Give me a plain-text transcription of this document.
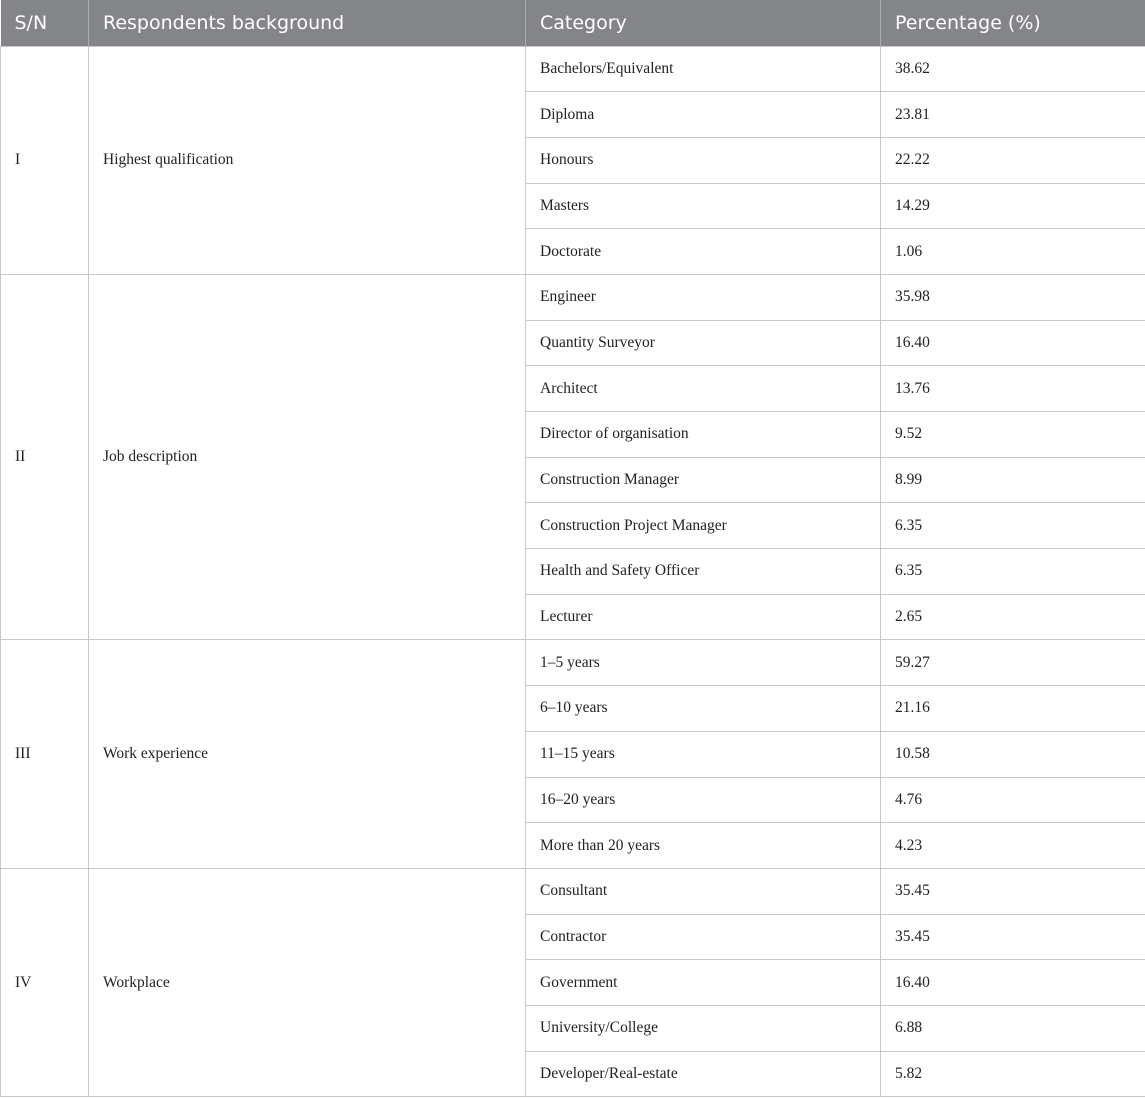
S/N	Respondents background	Category	Percentage (%)
I	Highest qualification	Bachelors/Equivalent	38.62
		Diploma	23.81
		Honours	22.22
		Masters	14.29
		Doctorate	1.06
II	Job description	Engineer	35.98
		Quantity Surveyor	16.40
		Architect	13.76
		Director of organisation	9.52
		Construction Manager	8.99
		Construction Project Manager	6.35
		Health and Safety Officer	6.35
		Lecturer	2.65
III	Work experience	1–5 years	59.27
		6–10 years	21.16
		11–15 years	10.58
		16–20 years	4.76
		More than 20 years	4.23
IV	Workplace	Consultant	35.45
		Contractor	35.45
		Government	16.40
		University/College	6.88
		Developer/Real-estate	5.82
